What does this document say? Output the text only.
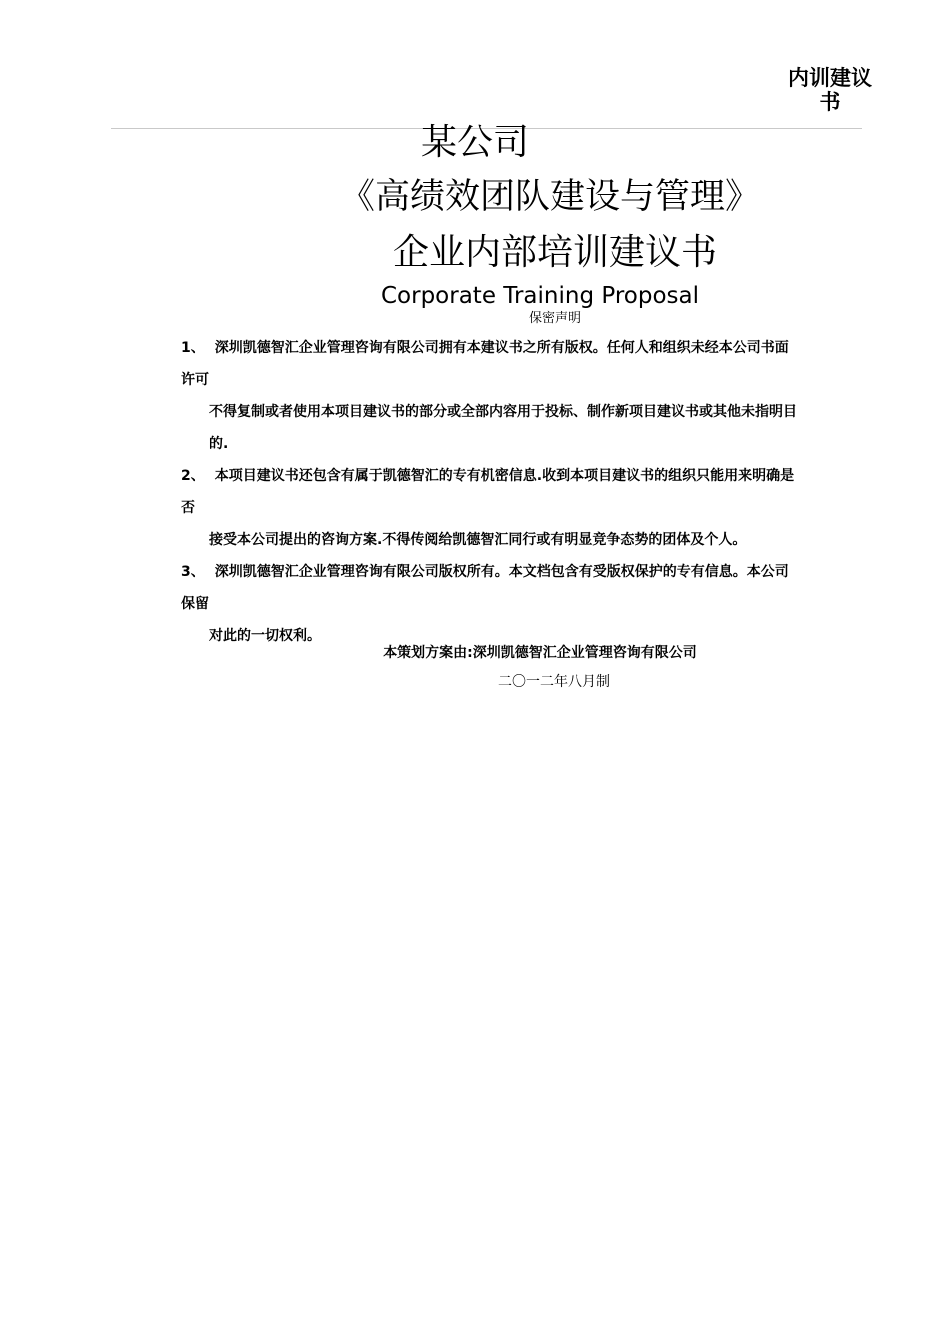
内训建议书
某公司
《高绩效团队建设与管理》
企业内部培训建议书
Corporate Training Proposal
保密声明
1、 深圳凯德智汇企业管理咨询有限公司拥有本建议书之所有版权。任何人和组织未经本公司书面
许可
不得复制或者使用本项目建议书的部分或全部内容用于投标、制作新项目建议书或其他未指明目
的.
2、 本项目建议书还包含有属于凯德智汇的专有机密信息.收到本项目建议书的组织只能用来明确是
否
接受本公司提出的咨询方案.不得传阅给凯德智汇同行或有明显竞争态势的团体及个人。
3、 深圳凯德智汇企业管理咨询有限公司版权所有。本文档包含有受版权保护的专有信息。本公司
保留
对此的一切权利。
本策划方案由:深圳凯德智汇企业管理咨询有限公司
二〇一二年八月制
